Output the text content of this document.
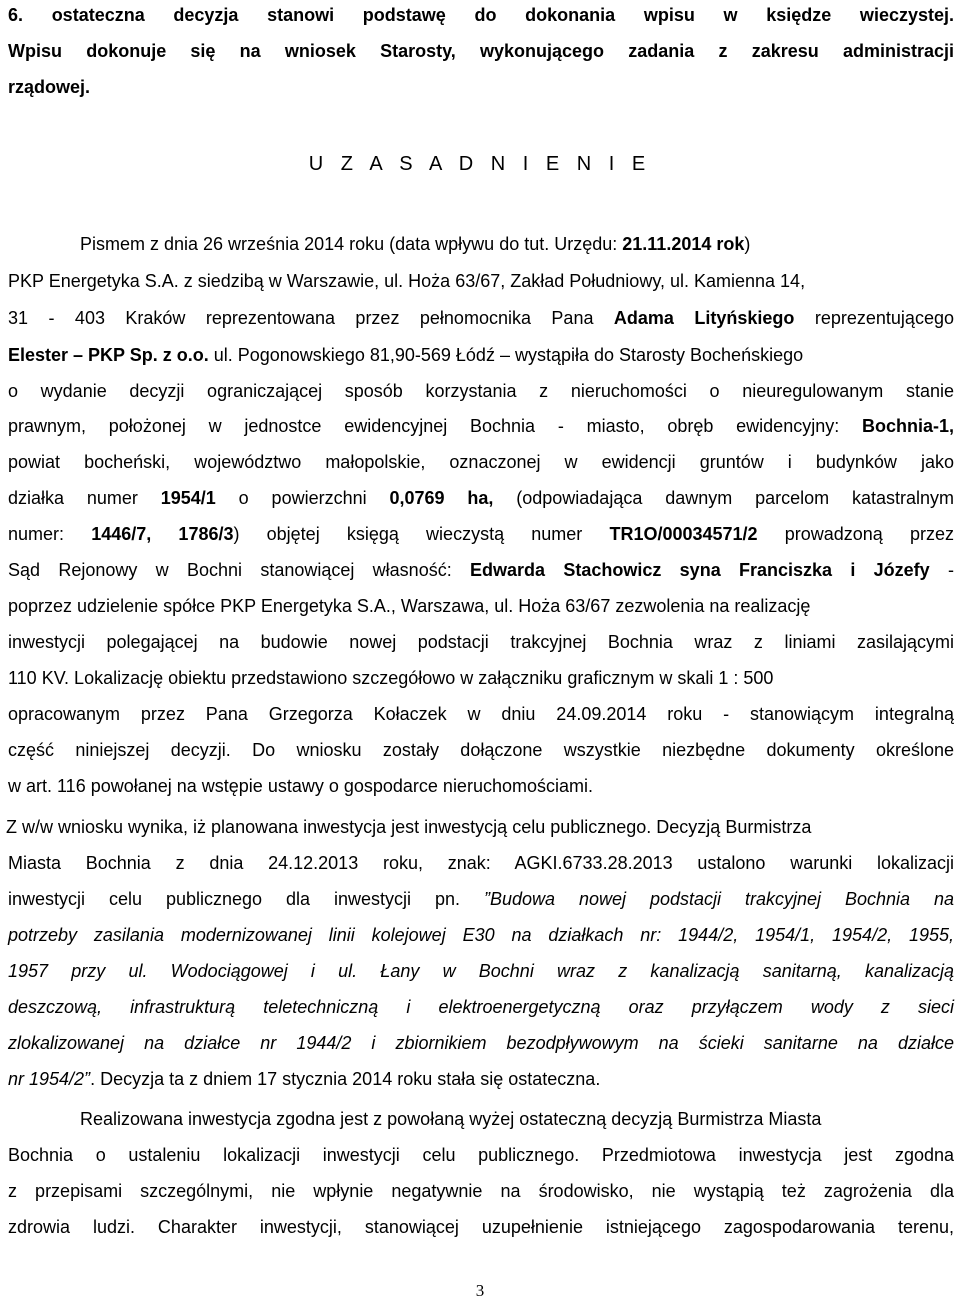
6. ostateczna decyzja stanowi podstawę do dokonania wpisu w księdze wieczystej.
Wpisu dokonuje się na wniosek Starosty, wykonującego zadania z zakresu administracji
rządowej.
Pismem z dnia 26 września 2014 roku (data wpływu do tut. Urzędu: 21.11.2014 rok)
PKP Energetyka S.A. z siedzibą w Warszawie, ul. Hoża 63/67, Zakład Południowy, ul. Kamienna 14,
31 - 403 Kraków reprezentowana przez pełnomocnika Pana Adama Lityńskiego reprezentującego
Elester – PKP Sp. z o.o. ul. Pogonowskiego 81,90-569 Łódź – wystąpiła do Starosty Bocheńskiego
o wydanie decyzji ograniczającej sposób korzystania z nieruchomości o nieuregulowanym stanie
prawnym, położonej w jednostce ewidencyjnej Bochnia - miasto, obręb ewidencyjny: Bochnia-1,
powiat bocheński, województwo małopolskie, oznaczonej w ewidencji gruntów i budynków jako
działka numer 1954/1 o powierzchni 0,0769 ha, (odpowiadająca dawnym parcelom katastralnym
numer: 1446/7, 1786/3) objętej księgą wieczystą numer TR1O/00034571/2 prowadzoną przez
Sąd Rejonowy w Bochni stanowiącej własność: Edwarda Stachowicz syna Franciszka i Józefy -
poprzez udzielenie spółce PKP Energetyka S.A., Warszawa, ul. Hoża 63/67 zezwolenia na realizację
inwestycji polegającej na budowie nowej podstacji trakcyjnej Bochnia wraz z liniami zasilającymi
110 KV. Lokalizację obiektu przedstawiono szczegółowo w załączniku graficznym w skali 1 : 500
opracowanym przez Pana Grzegorza Kołaczek w dniu 24.09.2014 roku - stanowiącym integralną
część niniejszej decyzji. Do wniosku zostały dołączone wszystkie niezbędne dokumenty określone
w art. 116 powołanej na wstępie ustawy o gospodarce nieruchomościami.
Z w/w wniosku wynika, iż planowana inwestycja jest inwestycją celu publicznego. Decyzją Burmistrza
Miasta Bochnia z dnia 24.12.2013 roku, znak: AGKI.6733.28.2013 ustalono warunki lokalizacji
inwestycji celu publicznego dla inwestycji pn. ”Budowa nowej podstacji trakcyjnej Bochnia na
potrzeby zasilania modernizowanej linii kolejowej E30 na działkach nr: 1944/2, 1954/1, 1954/2, 1955,
1957 przy ul. Wodociągowej i ul. Łany w Bochni wraz z kanalizacją sanitarną, kanalizacją
deszczową, infrastrukturą teletechniczną i elektroenergetyczną oraz przyłączem wody z sieci
zlokalizowanej na działce nr 1944/2 i zbiornikiem bezodpływowym na ścieki sanitarne na działce
nr 1954/2”. Decyzja ta z dniem 17 stycznia 2014 roku stała się ostateczna.
Realizowana inwestycja zgodna jest z powołaną wyżej ostateczną decyzją Burmistrza Miasta
Bochnia o ustaleniu lokalizacji inwestycji celu publicznego. Przedmiotowa inwestycja jest zgodna
z przepisami szczególnymi, nie wpłynie negatywnie na środowisko, nie wystąpią też zagrożenia dla
zdrowia ludzi. Charakter inwestycji, stanowiącej uzupełnienie istniejącego zagospodarowania terenu,
U Z A S A D N I E N I E
3
